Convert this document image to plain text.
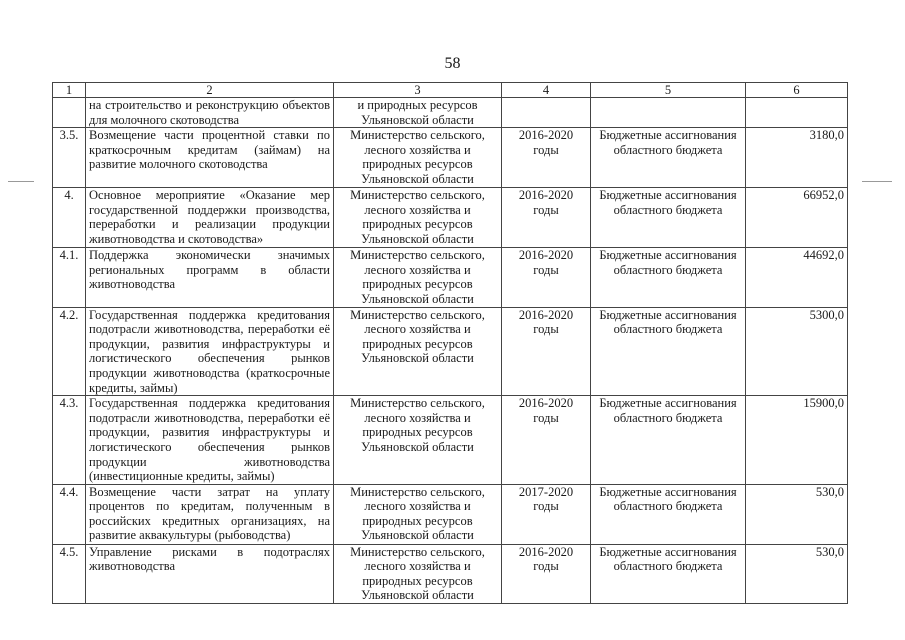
58
1	2	3	4	5	6
	на строительство и реконструкцию объектов для молочного скотоводства	и природных ресурсов Ульяновской области			
3.5.	Возмещение части процентной ставки по краткосрочным кредитам (займам) на развитие молочного скотоводства	Министерство сельского, лесного хозяйства и природных ресурсов Ульяновской области	2016-2020 годы	Бюджетные ассигнования областного бюджета	3180,0
4.	Основное мероприятие «Оказание мер государственной поддержки производства, переработки и реализации продукции животноводства и скотоводства»	Министерство сельского, лесного хозяйства и природных ресурсов Ульяновской области	2016-2020 годы	Бюджетные ассигнования областного бюджета	66952,0
4.1.	Поддержка экономически значимых региональных программ в области животноводства	Министерство сельского, лесного хозяйства и природных ресурсов Ульяновской области	2016-2020 годы	Бюджетные ассигнования областного бюджета	44692,0
4.2.	Государственная поддержка кредитования подотрасли животноводства, переработки её продукции, развития инфраструктуры и логистического обеспечения рынков продукции животноводства (краткосрочные кредиты, займы)	Министерство сельского, лесного хозяйства и природных ресурсов Ульяновской области	2016-2020 годы	Бюджетные ассигнования областного бюджета	5300,0
4.3.	Государственная поддержка кредитования подотрасли животноводства, переработки её продукции, развития инфраструктуры и логистического обеспечения рынков продукции животноводства (инвестиционные кредиты, займы)	Министерство сельского, лесного хозяйства и природных ресурсов Ульяновской области	2016-2020 годы	Бюджетные ассигнования областного бюджета	15900,0
4.4.	Возмещение части затрат на уплату процентов по кредитам, полученным в российских кредитных организациях, на развитие аквакультуры (рыбоводства)	Министерство сельского, лесного хозяйства и природных ресурсов Ульяновской области	2017-2020 годы	Бюджетные ассигнования областного бюджета	530,0
4.5.	Управление рисками в подотраслях животноводства	Министерство сельского, лесного хозяйства и природных ресурсов Ульяновской области	2016-2020 годы	Бюджетные ассигнования областного бюджета	530,0
